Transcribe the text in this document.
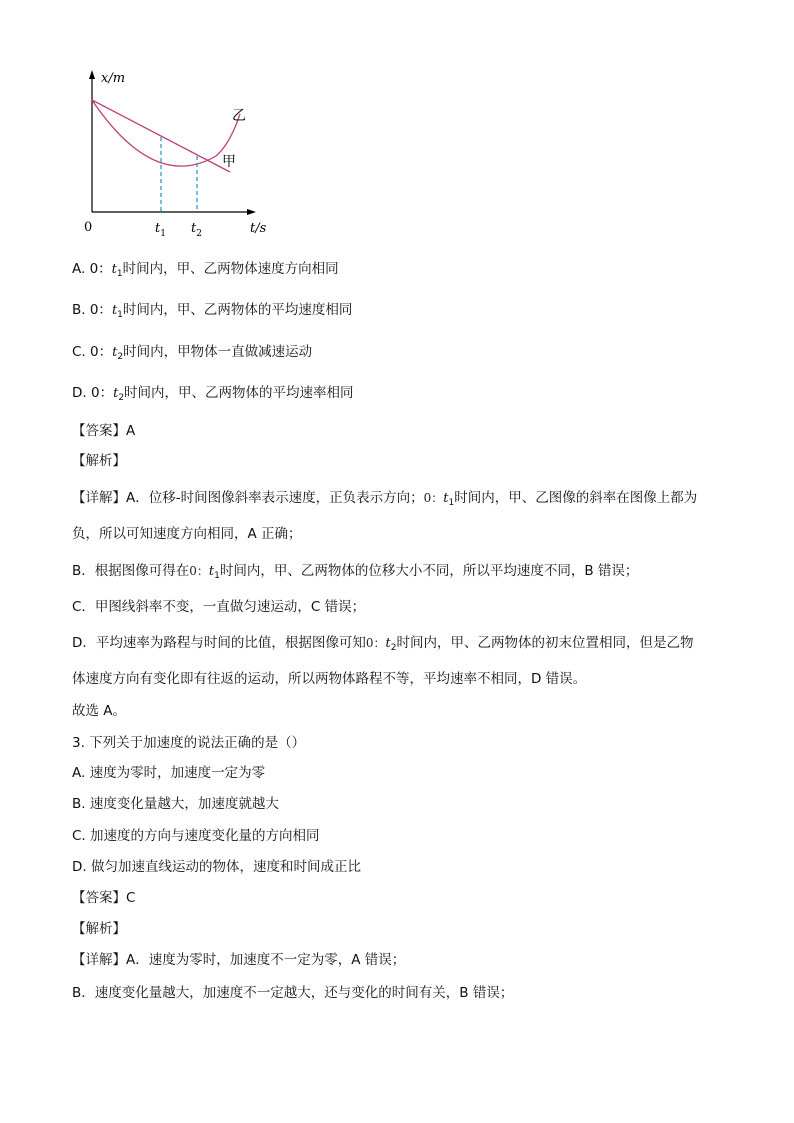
x/m
t/s
0	$t_1$ $t_2$
乙
甲
A. 0：$t_1$时间内，甲、乙两物体速度方向相同
B. 0：$t_1$时间内，甲、乙两物体的平均速度相同
C. 0：$t_2$时间内，甲物体一直做减速运动
D. 0：$t_2$时间内，甲、乙两物体的平均速率相同
【答案】A
【解析】
【详解】A．位移-时间图像斜率表示速度，正负表示方向；0：$t_1$时间内，甲、乙图像的斜率在图像上都为
负，所以可知速度方向相同，A 正确；
B．根据图像可得在0：$t_1$时间内，甲、乙两物体的位移大小不同，所以平均速度不同，B 错误；
C．甲图线斜率不变，一直做匀速运动，C 错误；
D．平均速率为路程与时间的比值，根据图像可知0：$t_2$时间内，甲、乙两物体的初末位置相同，但是乙物
体速度方向有变化即有往返的运动，所以两物体路程不等，平均速率不相同，D 错误。
故选 A。
3. 下列关于加速度的说法正确的是（）
A. 速度为零时，加速度一定为零
B. 速度变化量越大，加速度就越大
C. 加速度的方向与速度变化量的方向相同
D. 做匀加速直线运动的物体，速度和时间成正比
【答案】C
【解析】
【详解】A．速度为零时，加速度不一定为零，A 错误；
B．速度变化量越大，加速度不一定越大，还与变化的时间有关，B 错误；
